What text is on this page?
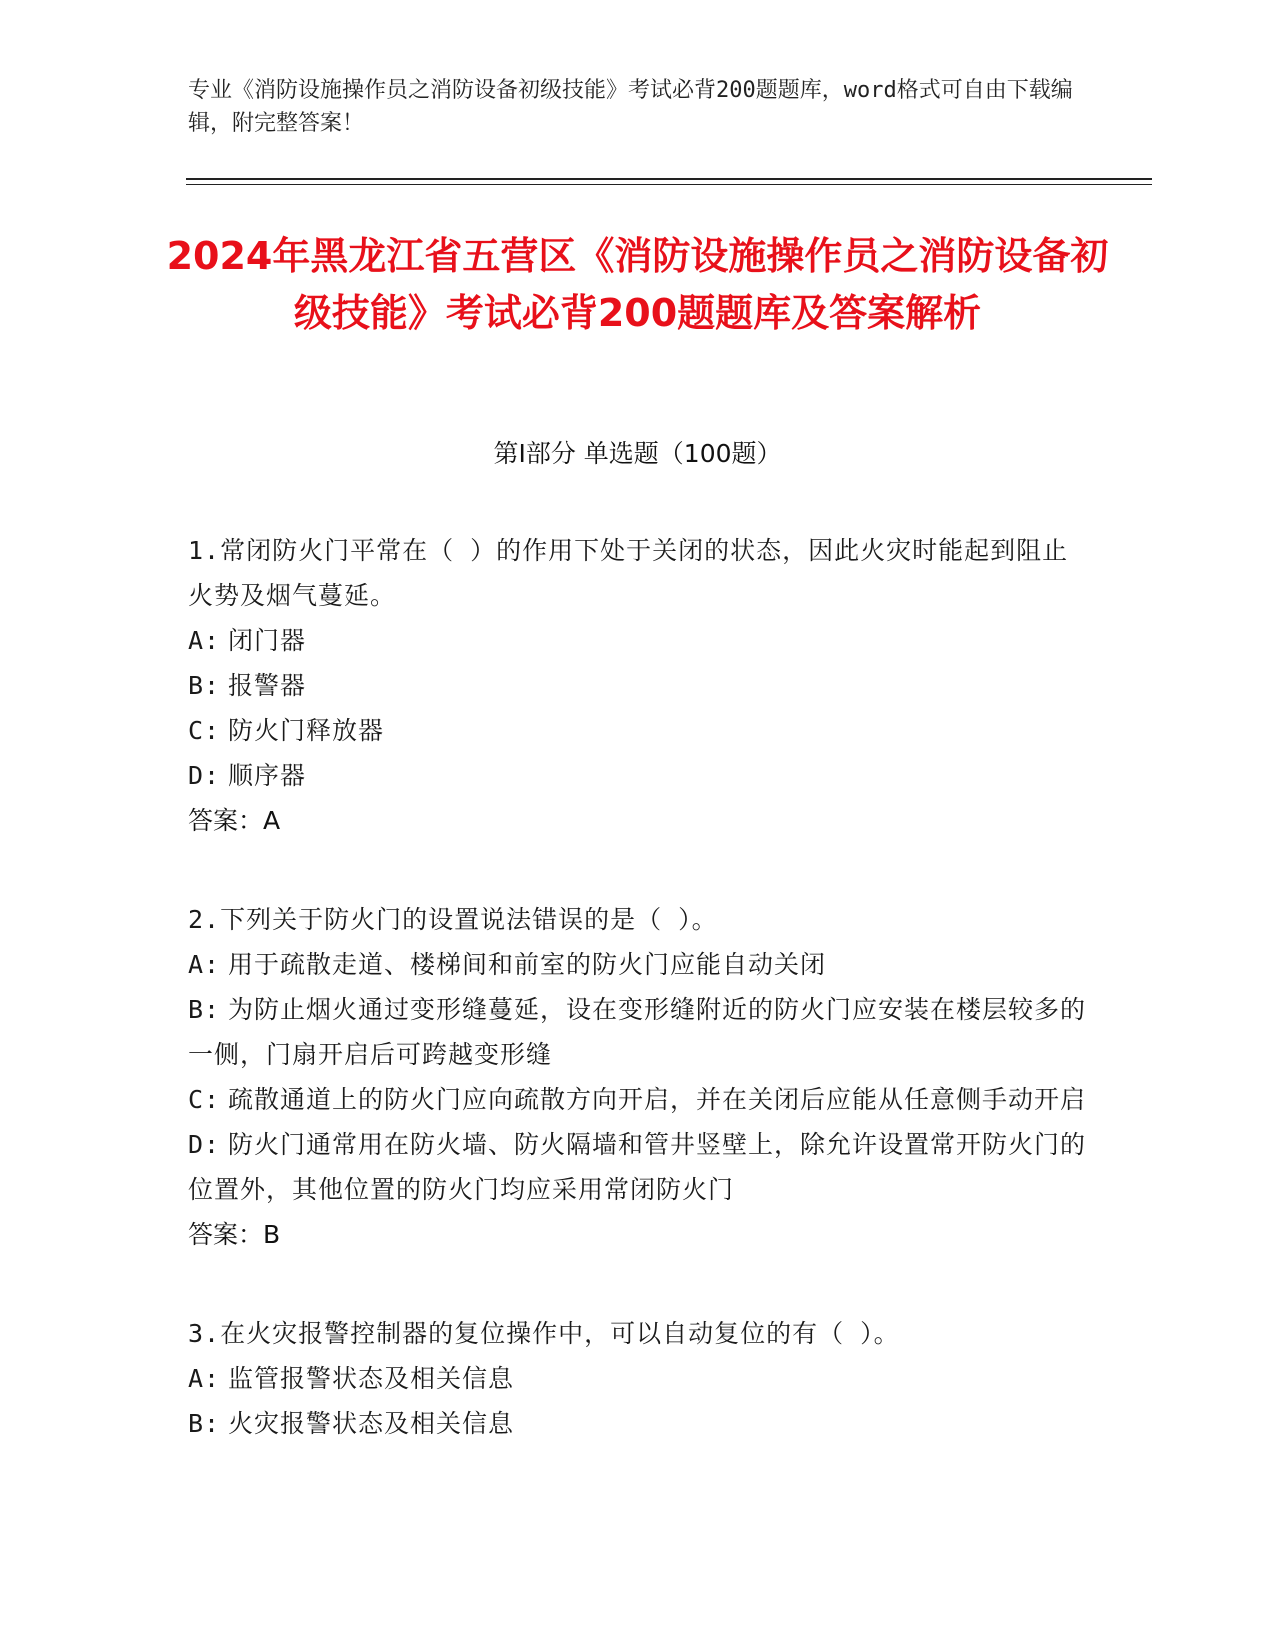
专业《消防设施操作员之消防设备初级技能》考试必背200题题库，word格式可自由下载编辑，附完整答案！
2024年黑龙江省五营区《消防设施操作员之消防设备初级技能》考试必背200题题库及答案解析
第I部分 单选题（100题）
1.常闭防火门平常在（ ）的作用下处于关闭的状态，因此火灾时能起到阻止火势及烟气蔓延。
A: 闭门器
B: 报警器
C: 防火门释放器
D: 顺序器
答案：A
2.下列关于防火门的设置说法错误的是（ ）。
A: 用于疏散走道、楼梯间和前室的防火门应能自动关闭
B: 为防止烟火通过变形缝蔓延，设在变形缝附近的防火门应安装在楼层较多的一侧，门扇开启后可跨越变形缝
C: 疏散通道上的防火门应向疏散方向开启，并在关闭后应能从任意侧手动开启
D: 防火门通常用在防火墙、防火隔墙和管井竖壁上，除允许设置常开防火门的位置外，其他位置的防火门均应采用常闭防火门
答案：B
3.在火灾报警控制器的复位操作中，可以自动复位的有（ ）。
A: 监管报警状态及相关信息
B: 火灾报警状态及相关信息
